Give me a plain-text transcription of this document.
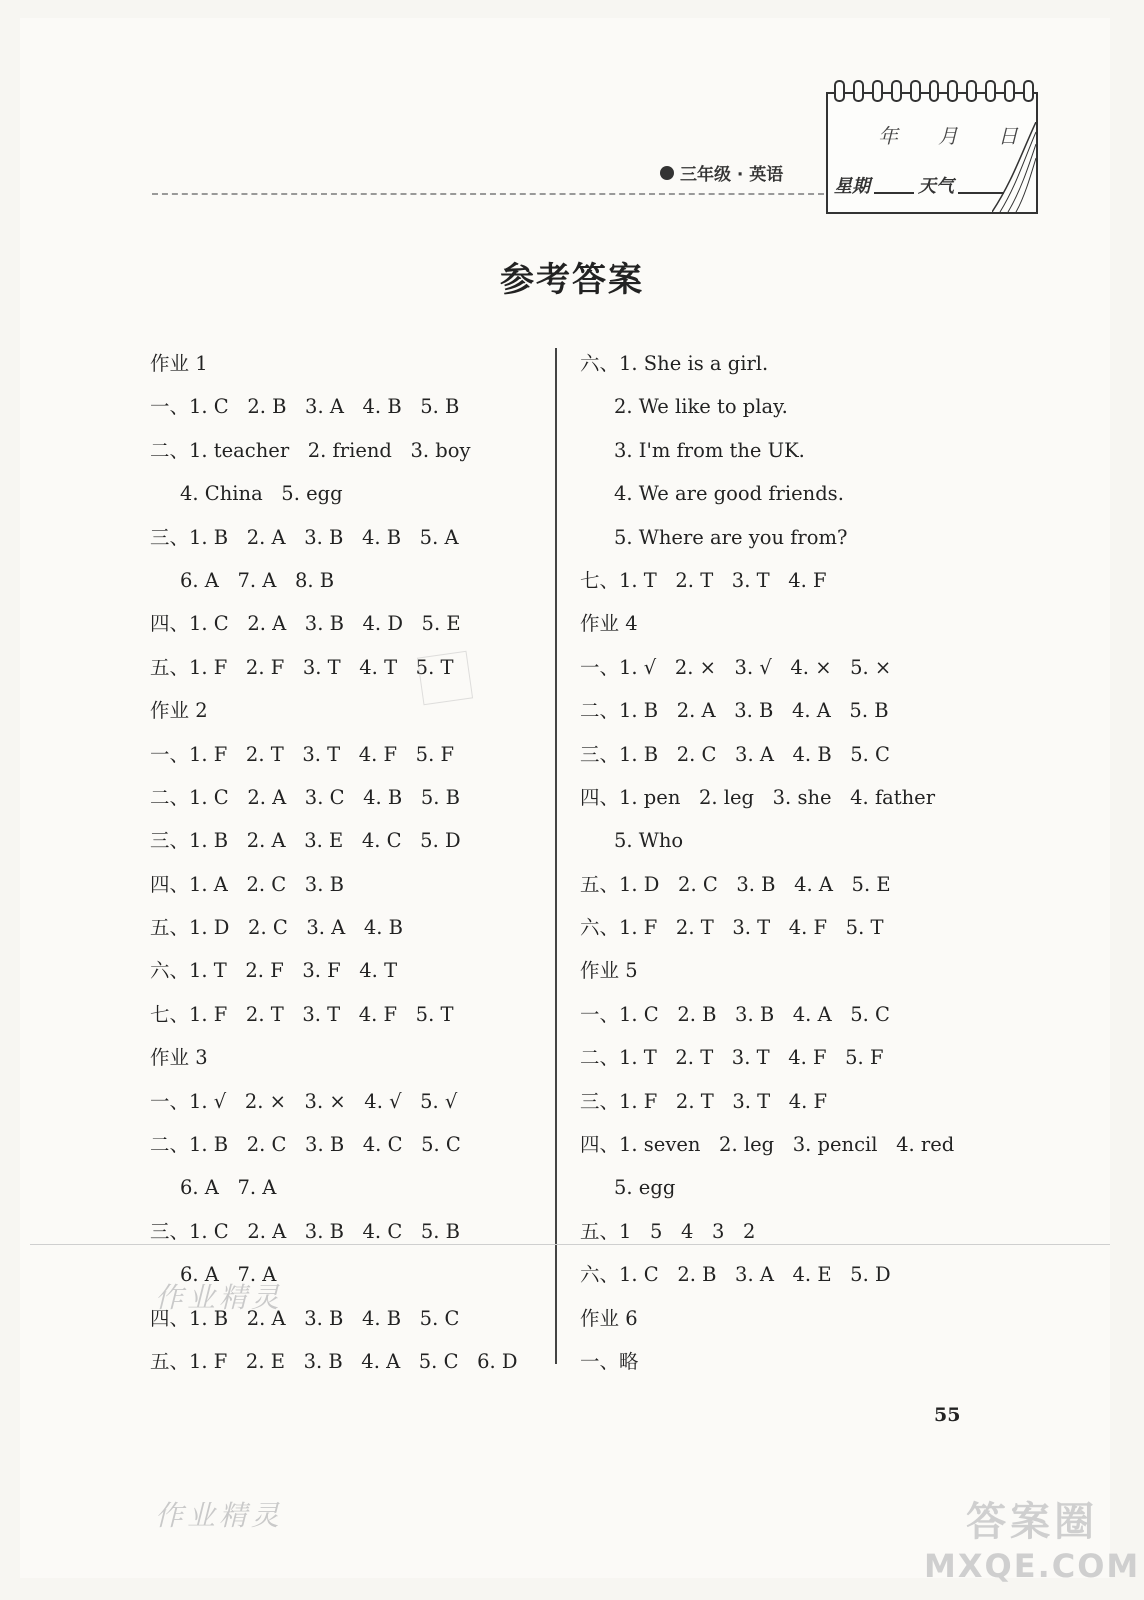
三年级 · 英语
年 月 日
星期	天气
参考答案
作业 1
一、1. C   2. B   3. A   4. B   5. B
二、1. teacher   2. friend   3. boy
4. China   5. egg
三、1. B   2. A   3. B   4. B   5. A
6. A   7. A   8. B
四、1. C   2. A   3. B   4. D   5. E
五、1. F   2. F   3. T   4. T   5. T
作业 2
一、1. F   2. T   3. T   4. F   5. F
二、1. C   2. A   3. C   4. B   5. B
三、1. B   2. A   3. E   4. C   5. D
四、1. A   2. C   3. B
五、1. D   2. C   3. A   4. B
六、1. T   2. F   3. F   4. T
七、1. F   2. T   3. T   4. F   5. T
作业 3
一、1. √   2. ×   3. ×   4. √   5. √
二、1. B   2. C   3. B   4. C   5. C
6. A   7. A
三、1. C   2. A   3. B   4. C   5. B
6. A   7. A
四、1. B   2. A   3. B   4. B   5. C
五、1. F   2. E   3. B   4. A   5. C   6. D
六、1. She is a girl.
2. We like to play.
3. I'm from the UK.
4. We are good friends.
5. Where are you from?
七、1. T   2. T   3. T   4. F
作业 4
一、1. √   2. ×   3. √   4. ×   5. ×
二、1. B   2. A   3. B   4. A   5. B
三、1. B   2. C   3. A   4. B   5. C
四、1. pen   2. leg   3. she   4. father
5. Who
五、1. D   2. C   3. B   4. A   5. E
六、1. F   2. T   3. T   4. F   5. T
作业 5
一、1. C   2. B   3. B   4. A   5. C
二、1. T   2. T   3. T   4. F   5. F
三、1. F   2. T   3. T   4. F
四、1. seven   2. leg   3. pencil   4. red
5. egg
五、1   5   4   3   2
六、1. C   2. B   3. A   4. E   5. D
作业 6
一、略
作业精灵
作业精灵
55
答案圈
MXQE.COM
